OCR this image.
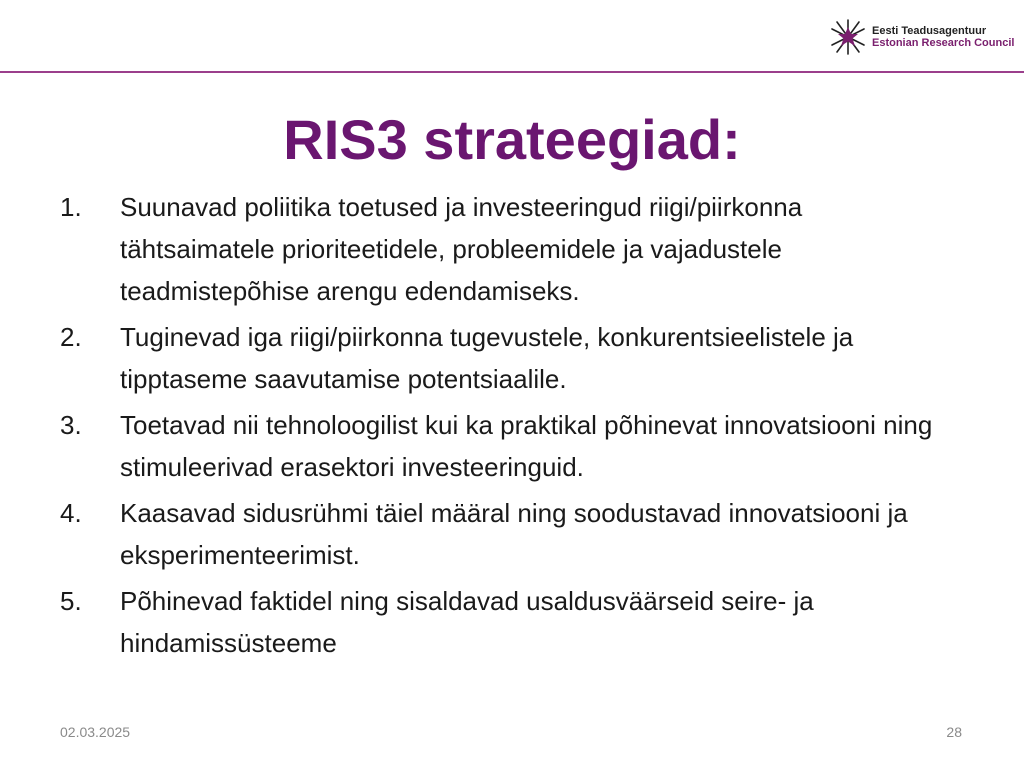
Eesti Teadusagentuur
Estonian Research Council
RIS3 strateegiad:
1.	Suunavad poliitika toetused ja investeeringud riigi/piirkonna tähtsaimatele prioriteetidele, probleemidele ja vajadustele teadmistepõhise arengu edendamiseks.
2.	Tuginevad iga riigi/piirkonna tugevustele, konkurentsieelistele ja tipptaseme saavutamise potentsiaalile.
3.	Toetavad nii tehnoloogilist kui ka praktikal põhinevat innovatsiooni ning stimuleerivad erasektori investeeringuid.
4.	Kaasavad sidusrühmi täiel määral ning soodustavad innovatsiooni ja eksperimenteerimist.
5.	Põhinevad faktidel ning sisaldavad usaldusväärseid seire- ja hindamissüsteeme
02.03.2025	28
